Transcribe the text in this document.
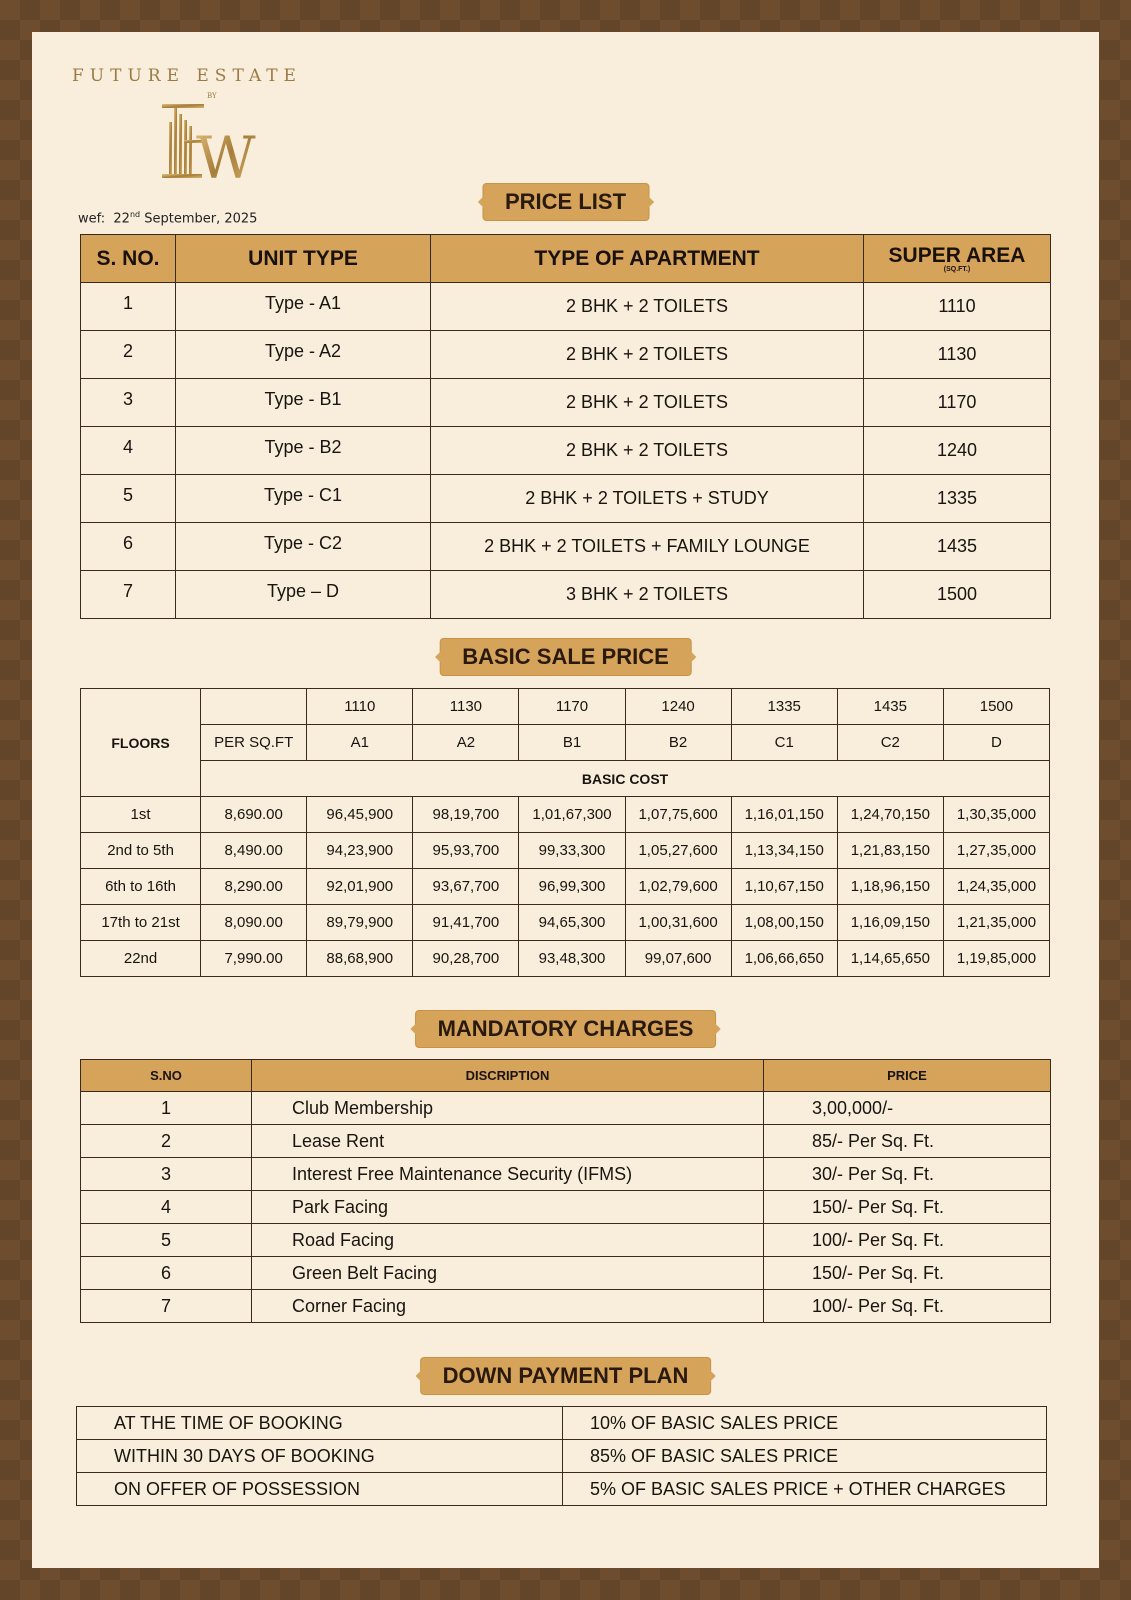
FUTURE ESTATE
BY
W
wef: 22nd September, 2025
PRICE LIST
S. NO.	UNIT TYPE	TYPE OF APARTMENT	SUPER AREA
(SQ.FT.)

1	Type - A1	2 BHK + 2 TOILETS	1110
2	Type - A2	2 BHK + 2 TOILETS	1130
3	Type - B1	2 BHK + 2 TOILETS	1170
4	Type - B2	2 BHK + 2 TOILETS	1240
5	Type - C1	2 BHK + 2 TOILETS + STUDY	1335
6	Type - C2	2 BHK + 2 TOILETS + FAMILY LOUNGE	1435
7	Type – D	3 BHK + 2 TOILETS	1500
BASIC SALE PRICE
FLOORS		1110	1130	1170	1240	1335	1435	1500
	PER SQ.FT	A1	A2	B1	B2	C1	C2	D
	BASIC COST							
1st	8,690.00	96,45,900	98,19,700	1,01,67,300	1,07,75,600	1,16,01,150	1,24,70,150	1,30,35,000
2nd to 5th	8,490.00	94,23,900	95,93,700	99,33,300	1,05,27,600	1,13,34,150	1,21,83,150	1,27,35,000
6th to 16th	8,290.00	92,01,900	93,67,700	96,99,300	1,02,79,600	1,10,67,150	1,18,96,150	1,24,35,000
17th to 21st	8,090.00	89,79,900	91,41,700	94,65,300	1,00,31,600	1,08,00,150	1,16,09,150	1,21,35,000
22nd	7,990.00	88,68,900	90,28,700	93,48,300	99,07,600	1,06,66,650	1,14,65,650	1,19,85,000
MANDATORY CHARGES
S.NO	DISCRIPTION	PRICE
1	Club Membership	3,00,000/-
2	Lease Rent	85/- Per Sq. Ft.
3	Interest Free Maintenance Security (IFMS)	30/- Per Sq. Ft.
4	Park Facing	150/- Per Sq. Ft.
5	Road Facing	100/- Per Sq. Ft.
6	Green Belt Facing	150/- Per Sq. Ft.
7	Corner Facing	100/- Per Sq. Ft.
DOWN PAYMENT PLAN
AT THE TIME OF BOOKING	10% OF BASIC SALES PRICE
WITHIN 30 DAYS OF BOOKING	85% OF BASIC SALES PRICE
ON OFFER OF POSSESSION	5% OF BASIC SALES PRICE + OTHER CHARGES
